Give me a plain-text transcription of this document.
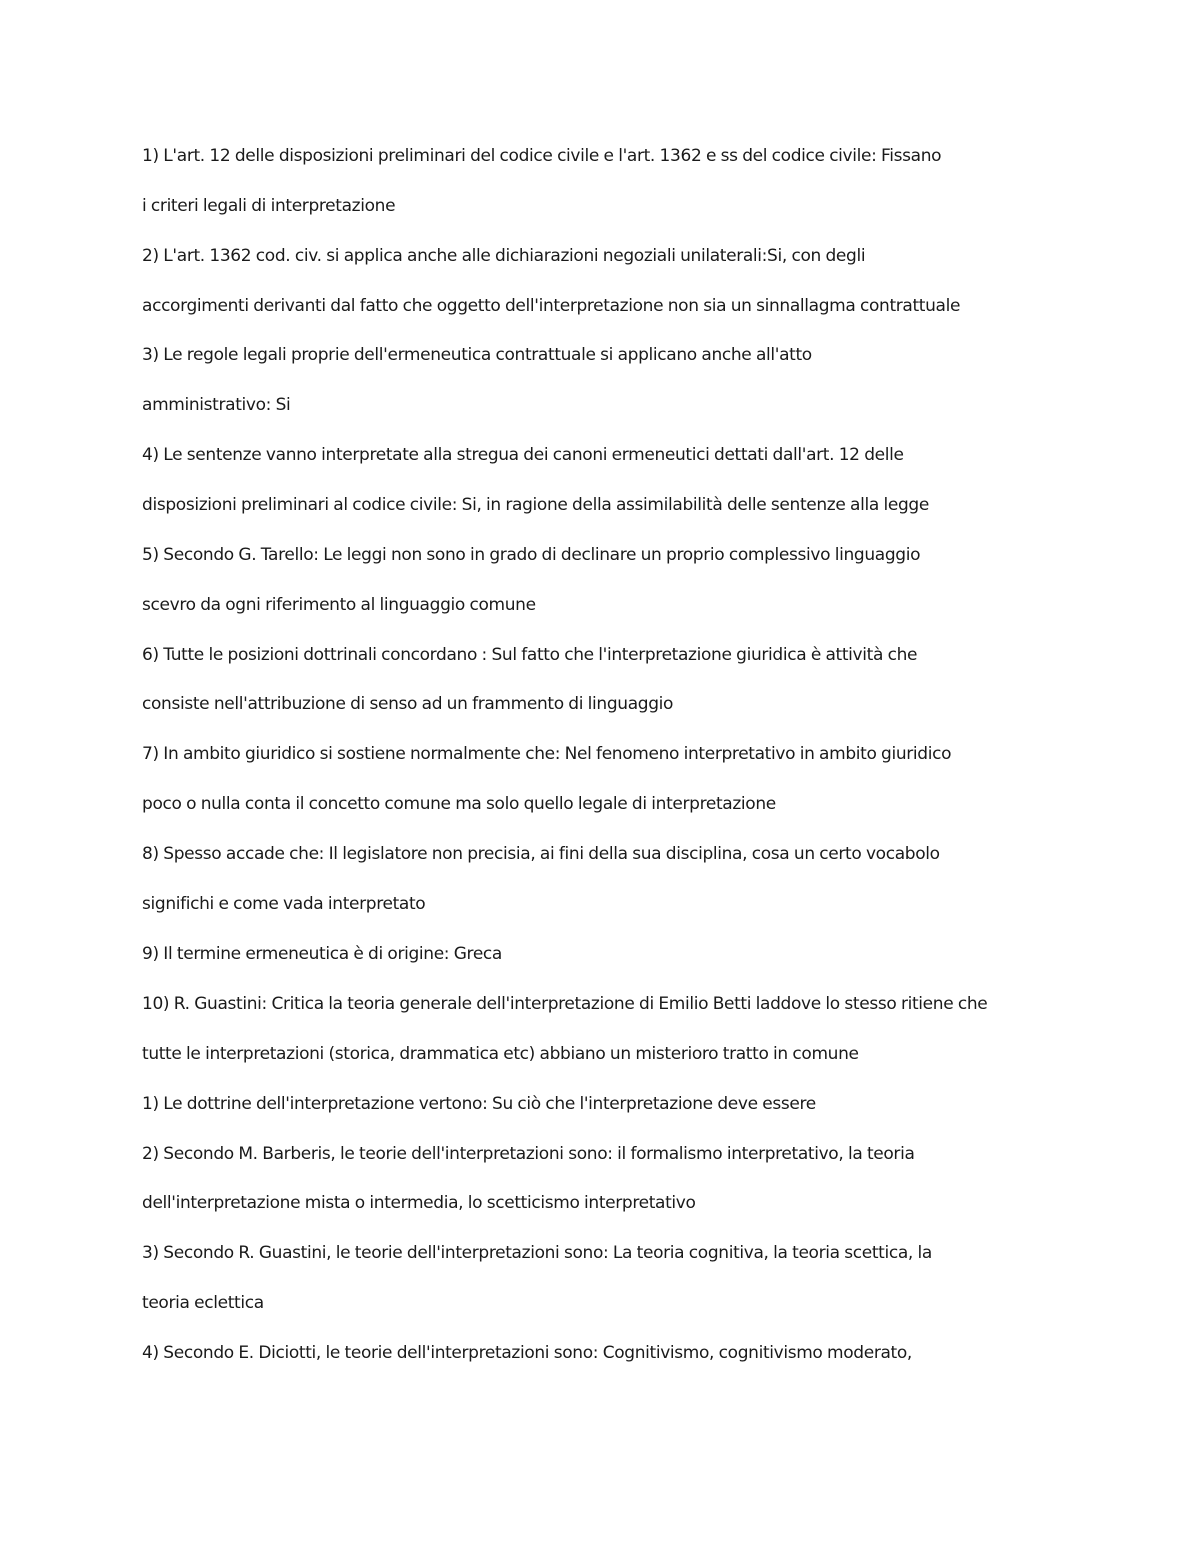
1) L'art. 12 delle disposizioni preliminari del codice civile e l'art. 1362 e ss del codice civile: Fissano
i criteri legali di interpretazione
2) L'art. 1362 cod. civ. si applica anche alle dichiarazioni negoziali unilaterali:Si, con degli
accorgimenti derivanti dal fatto che oggetto dell'interpretazione non sia un sinnallagma contrattuale
3) Le regole legali proprie dell'ermeneutica contrattuale si applicano anche all'atto
amministrativo: Si
4) Le sentenze vanno interpretate alla stregua dei canoni ermeneutici dettati dall'art. 12 delle
disposizioni preliminari al codice civile: Si, in ragione della assimilabilità delle sentenze alla legge
5) Secondo G. Tarello: Le leggi non sono in grado di declinare un proprio complessivo linguaggio
scevro da ogni riferimento al linguaggio comune
6) Tutte le posizioni dottrinali concordano : Sul fatto che l'interpretazione giuridica è attività che
consiste nell'attribuzione di senso ad un frammento di linguaggio
7) In ambito giuridico si sostiene normalmente che: Nel fenomeno interpretativo in ambito giuridico
poco o nulla conta il concetto comune ma solo quello legale di interpretazione
8) Spesso accade che: Il legislatore non precisia, ai fini della sua disciplina, cosa un certo vocabolo
significhi e come vada interpretato
9) Il termine ermeneutica è di origine: Greca
10) R. Guastini: Critica la teoria generale dell'interpretazione di Emilio Betti laddove lo stesso ritiene che
tutte le interpretazioni (storica, drammatica etc) abbiano un misterioro tratto in comune
1) Le dottrine dell'interpretazione vertono: Su ciò che l'interpretazione deve essere
2) Secondo M. Barberis, le teorie dell'interpretazioni sono: il formalismo interpretativo, la teoria
dell'interpretazione mista o intermedia, lo scetticismo interpretativo
3) Secondo R. Guastini, le teorie dell'interpretazioni sono: La teoria cognitiva, la teoria scettica, la
teoria eclettica
4) Secondo E. Diciotti, le teorie dell'interpretazioni sono: Cognitivismo, cognitivismo moderato,
